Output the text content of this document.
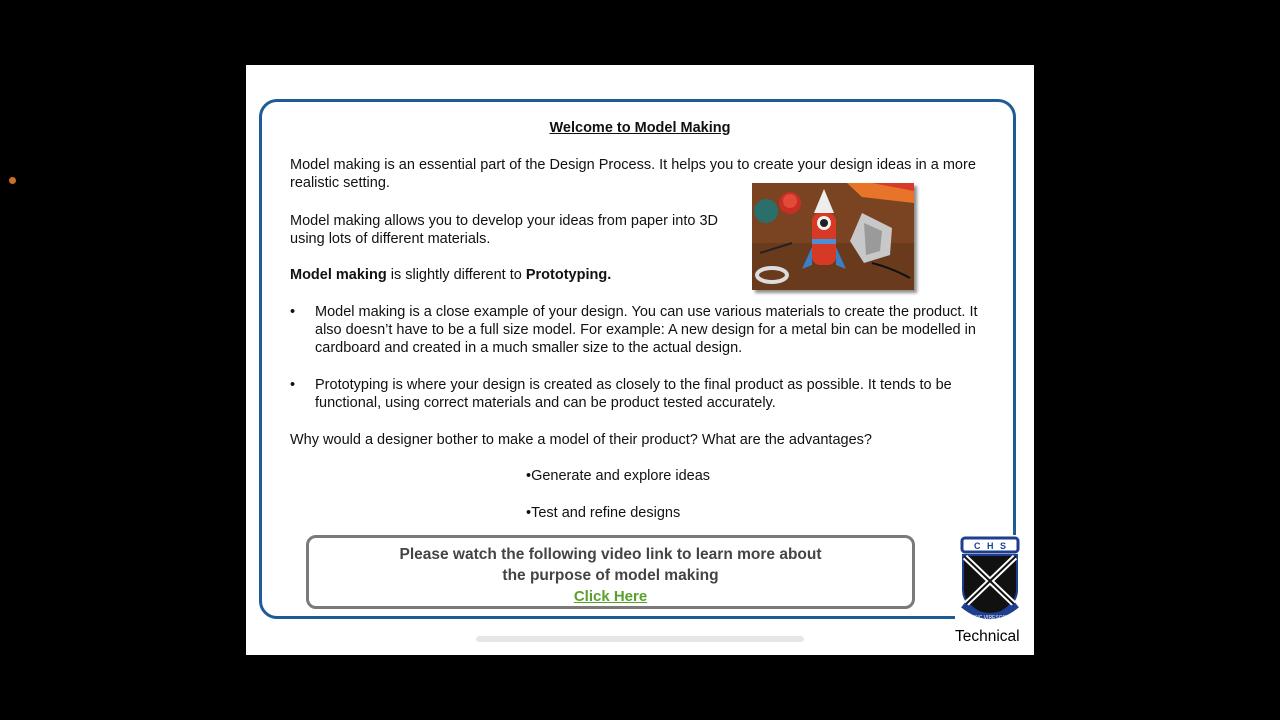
Welcome to Model Making
Model making is an essential part of the Design Process. It helps you to create your design ideas in a more realistic setting.
Model making allows you to develop your ideas from paper into 3D using lots of different materials.
Model making is slightly different to Prototyping.
• Model making is a close example of your design. You can use various materials to create the product. It also doesn’t have to be a full size model. For example: A new design for a metal bin can be modelled in cardboard and created in a much smaller size to the actual design.
• Prototyping is where your design is created as closely to the final product as possible. It tends to be functional, using correct materials and can be product tested accurately.
Why would a designer bother to make a model of their product? What are the advantages?
•Generate and explore ideas
•Test and refine designs
Please watch the following video link to learn more about
the purpose of model making
Click Here
C H S
SIC VIRESCO
Technical
